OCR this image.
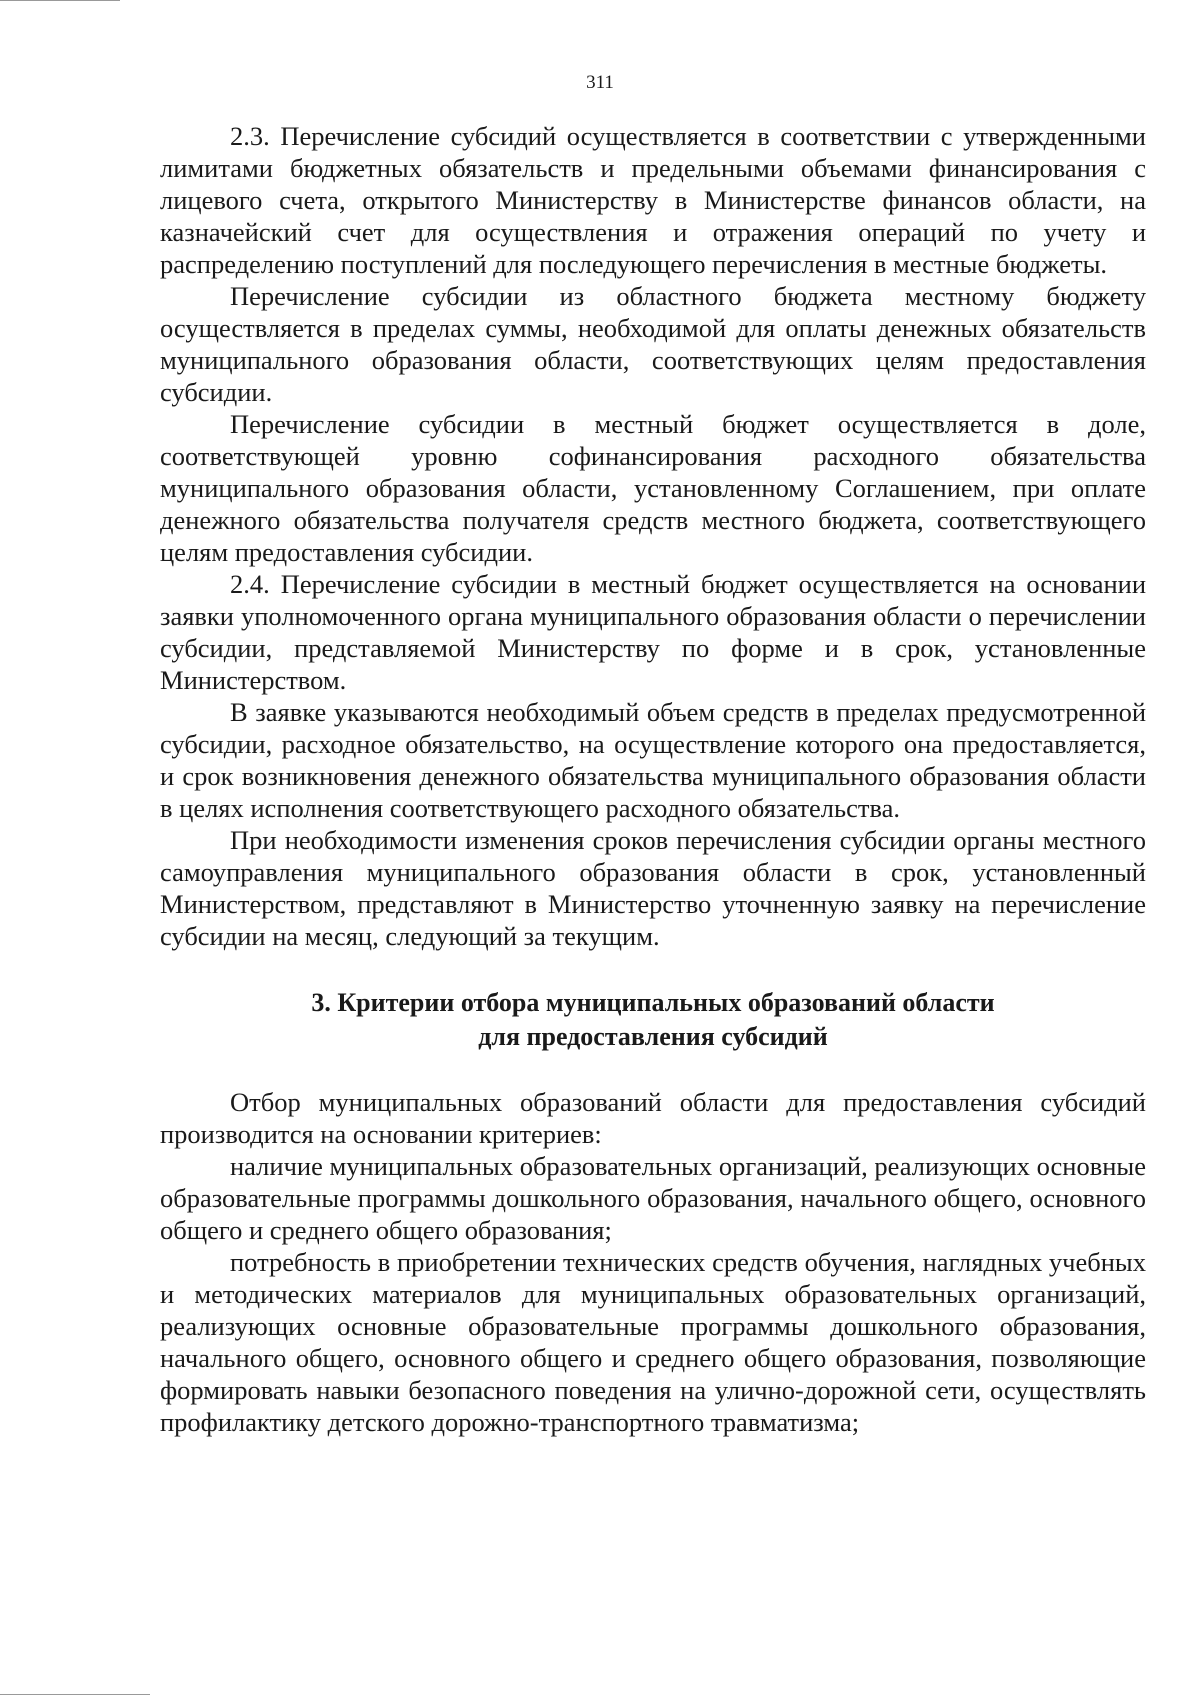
311

2.3. Перечисление субсидий осуществляется в соответствии с утвержденными лимитами бюджетных обязательств и предельными объемами финансирования с лицевого счета, открытого Министерству в Министерстве финансов области, на казначейский счет для осуществления и отражения операций по учету и распределению поступлений для последующего перечисления в местные бюджеты.

Перечисление субсидии из областного бюджета местному бюджету осуществляется в пределах суммы, необходимой для оплаты денежных обязательств муниципального образования области, соответствующих целям предоставления субсидии.

Перечисление субсидии в местный бюджет осуществляется в доле, соответствующей уровню софинансирования расходного обязательства муниципального образования области, установленному Соглашением, при оплате денежного обязательства получателя средств местного бюджета, соответствующего целям предоставления субсидии.

2.4. Перечисление субсидии в местный бюджет осуществляется на основании заявки уполномоченного органа муниципального образования области о перечислении субсидии, представляемой Министерству по форме и в срок, установленные Министерством.

В заявке указываются необходимый объем средств в пределах предусмотренной субсидии, расходное обязательство, на осуществление которого она предоставляется, и срок возникновения денежного обязательства муниципального образования области в целях исполнения соответствующего расходного обязательства.

При необходимости изменения сроков перечисления субсидии органы местного самоуправления муниципального образования области в срок, установленный Министерством, представляют в Министерство уточненную заявку на перечисление субсидии на месяц, следующий за текущим.

3. Критерии отбора муниципальных образований области
для предоставления субсидий

Отбор муниципальных образований области для предоставления субсидий производится на основании критериев:

наличие муниципальных образовательных организаций, реализующих основные образовательные программы дошкольного образования, начального общего, основного общего и среднего общего образования;

потребность в приобретении технических средств обучения, наглядных учебных и методических материалов для муниципальных образовательных организаций, реализующих основные образовательные программы дошкольного образования, начального общего, основного общего и среднего общего образования, позволяющие формировать навыки безопасного поведения на улично-дорожной сети, осуществлять профилактику детского дорожно-транспортного травматизма;
